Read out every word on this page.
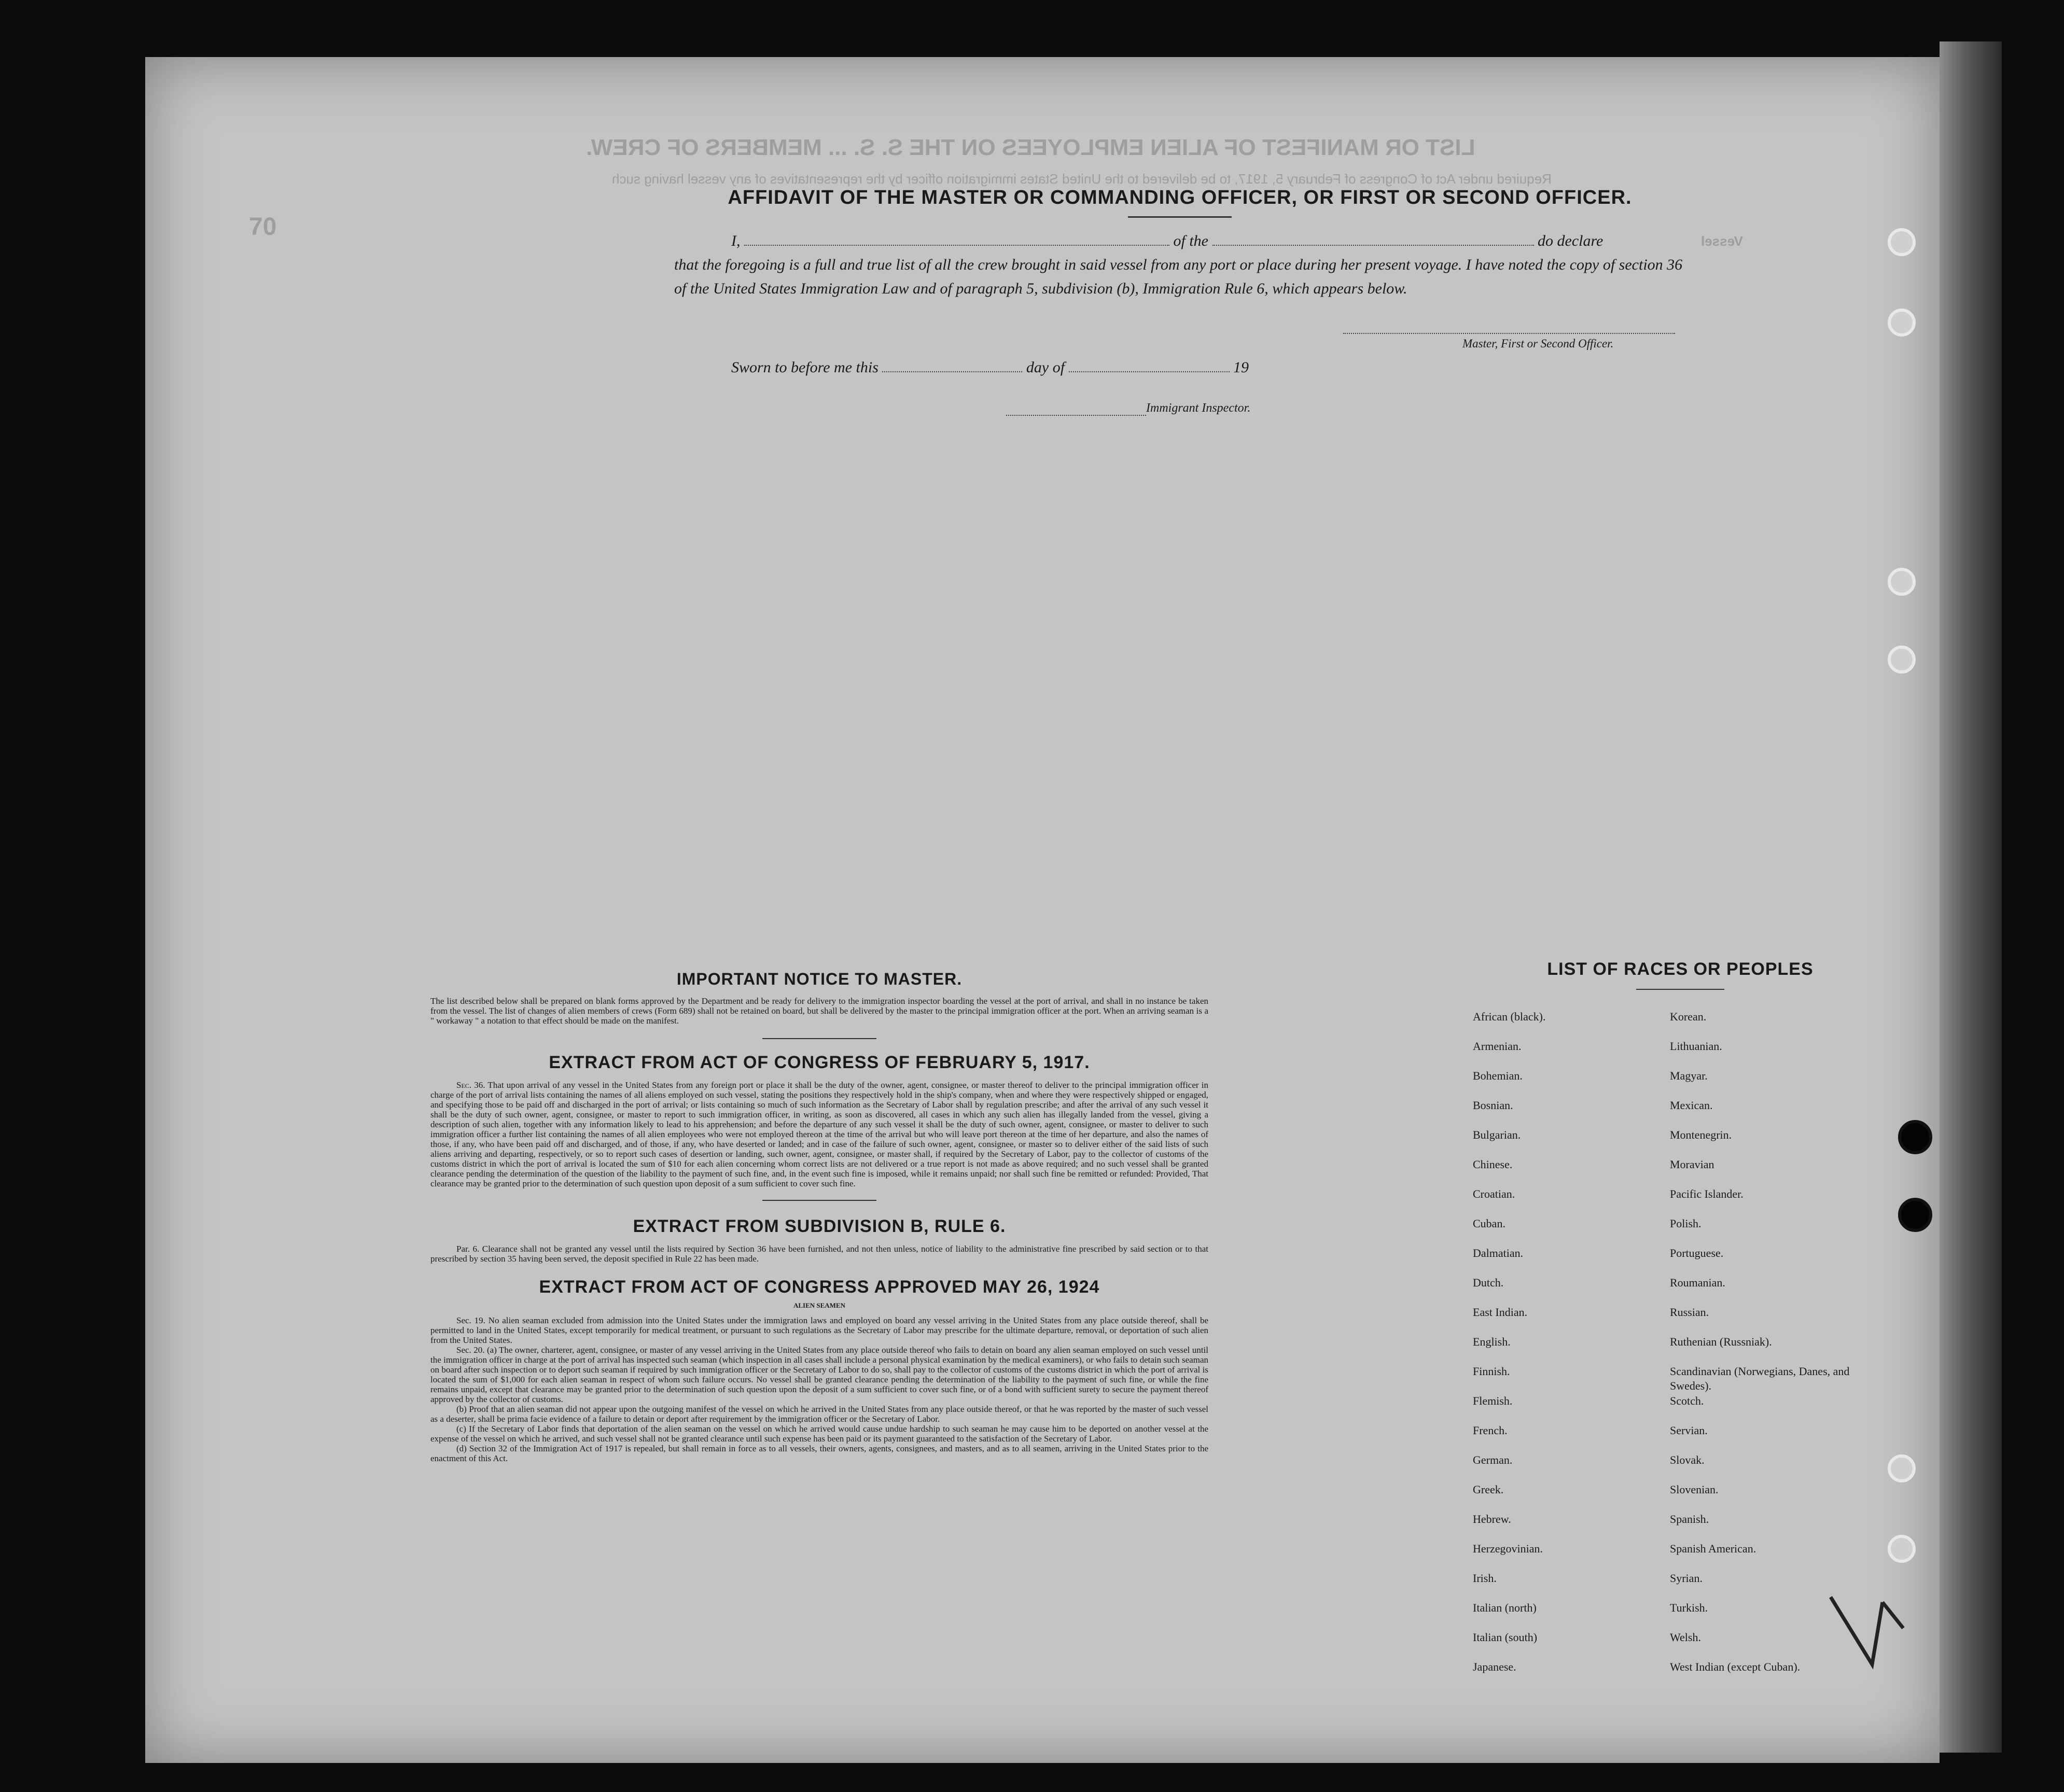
LIST OR MANIFEST OF ALIEN EMPLOYEES ON THE S. S. ... MEMBERS OF CREW.
Required under Act of Congress of February 5, 1917, to be delivered to the United States immigration officer by the representatives of any vessel having such
70
Vessel
AFFIDAVIT OF THE MASTER OR COMMANDING OFFICER, OR FIRST OR SECOND OFFICER.
I,	of the	do declare
that the foregoing is a full and true list of all the crew brought in said vessel from any port or place during her present voyage. I have noted the copy of section 36 of the United States Immigration Law and of paragraph 5, subdivision (b), Immigration Rule 6, which appears below.
Master, First or Second Officer.
Sworn to before me this	day of	19
Immigrant Inspector.
IMPORTANT NOTICE TO MASTER.
The list described below shall be prepared on blank forms approved by the Department and be ready for delivery to the immigration inspector boarding the vessel at the port of arrival, and shall in no instance be taken from the vessel. The list of changes of alien members of crews (Form 689) shall not be retained on board, but shall be delivered by the master to the principal immigration officer at the port. When an arriving seaman is a " workaway " a notation to that effect should be made on the manifest.
EXTRACT FROM ACT OF CONGRESS OF FEBRUARY 5, 1917.
Sec. 36. That upon arrival of any vessel in the United States from any foreign port or place it shall be the duty of the owner, agent, consignee, or master thereof to deliver to the principal immigration officer in charge of the port of arrival lists containing the names of all aliens employed on such vessel, stating the positions they respectively hold in the ship's company, when and where they were respectively shipped or engaged, and specifying those to be paid off and discharged in the port of arrival; or lists containing so much of such information as the Secretary of Labor shall by regulation prescribe; and after the arrival of any such vessel it shall be the duty of such owner, agent, consignee, or master to report to such immigration officer, in writing, as soon as discovered, all cases in which any such alien has illegally landed from the vessel, giving a description of such alien, together with any information likely to lead to his apprehension; and before the departure of any such vessel it shall be the duty of such owner, agent, consignee, or master to deliver to such immigration officer a further list containing the names of all alien employees who were not employed thereon at the time of the arrival but who will leave port thereon at the time of her departure, and also the names of those, if any, who have been paid off and discharged, and of those, if any, who have deserted or landed; and in case of the failure of such owner, agent, consignee, or master so to deliver either of the said lists of such aliens arriving and departing, respectively, or so to report such cases of desertion or landing, such owner, agent, consignee, or master shall, if required by the Secretary of Labor, pay to the collector of customs of the customs district in which the port of arrival is located the sum of $10 for each alien concerning whom correct lists are not delivered or a true report is not made as above required; and no such vessel shall be granted clearance pending the determination of the question of the liability to the payment of such fine, and, in the event such fine is imposed, while it remains unpaid; nor shall such fine be remitted or refunded: Provided, That clearance may be granted prior to the determination of such question upon deposit of a sum sufficient to cover such fine.
EXTRACT FROM SUBDIVISION B, RULE 6.
Par. 6. Clearance shall not be granted any vessel until the lists required by Section 36 have been furnished, and not then unless, notice of liability to the administrative fine prescribed by said section or to that prescribed by section 35 having been served, the deposit specified in Rule 22 has been made.
EXTRACT FROM ACT OF CONGRESS APPROVED MAY 26, 1924
ALIEN SEAMEN
Sec. 19. No alien seaman excluded from admission into the United States under the immigration laws and employed on board any vessel arriving in the United States from any place outside thereof, shall be permitted to land in the United States, except temporarily for medical treatment, or pursuant to such regulations as the Secretary of Labor may prescribe for the ultimate departure, removal, or deportation of such alien from the United States.
Sec. 20. (a) The owner, charterer, agent, consignee, or master of any vessel arriving in the United States from any place outside thereof who fails to detain on board any alien seaman employed on such vessel until the immigration officer in charge at the port of arrival has inspected such seaman (which inspection in all cases shall include a personal physical examination by the medical examiners), or who fails to detain such seaman on board after such inspection or to deport such seaman if required by such immigration officer or the Secretary of Labor to do so, shall pay to the collector of customs of the customs district in which the port of arrival is located the sum of $1,000 for each alien seaman in respect of whom such failure occurs. No vessel shall be granted clearance pending the determination of the liability to the payment of such fine, or while the fine remains unpaid, except that clearance may be granted prior to the determination of such question upon the deposit of a sum sufficient to cover such fine, or of a bond with sufficient surety to secure the payment thereof approved by the collector of customs.
(b) Proof that an alien seaman did not appear upon the outgoing manifest of the vessel on which he arrived in the United States from any place outside thereof, or that he was reported by the master of such vessel as a deserter, shall be prima facie evidence of a failure to detain or deport after requirement by the immigration officer or the Secretary of Labor.
(c) If the Secretary of Labor finds that deportation of the alien seaman on the vessel on which he arrived would cause undue hardship to such seaman he may cause him to be deported on another vessel at the expense of the vessel on which he arrived, and such vessel shall not be granted clearance until such expense has been paid or its payment guaranteed to the satisfaction of the Secretary of Labor.
(d) Section 32 of the Immigration Act of 1917 is repealed, but shall remain in force as to all vessels, their owners, agents, consignees, and masters, and as to all seamen, arriving in the United States prior to the enactment of this Act.
LIST OF RACES OR PEOPLES
African (black).	Korean.
Armenian.	Lithuanian.
Bohemian.	Magyar.
Bosnian.	Mexican.
Bulgarian.	Montenegrin.
Chinese.	Moravian
Croatian.	Pacific Islander.
Cuban.	Polish.
Dalmatian.	Portuguese.
Dutch.	Roumanian.
East Indian.	Russian.
English.	Ruthenian (Russniak).
Finnish.	Scandinavian (Norwegians, Danes, and Swedes).
Flemish.	Scotch.
French.	Servian.
German.	Slovak.
Greek.	Slovenian.
Hebrew.	Spanish.
Herzegovinian.	Spanish American.
Irish.	Syrian.
Italian (north)	Turkish.
Italian (south)	Welsh.
Japanese.	West Indian (except Cuban).
